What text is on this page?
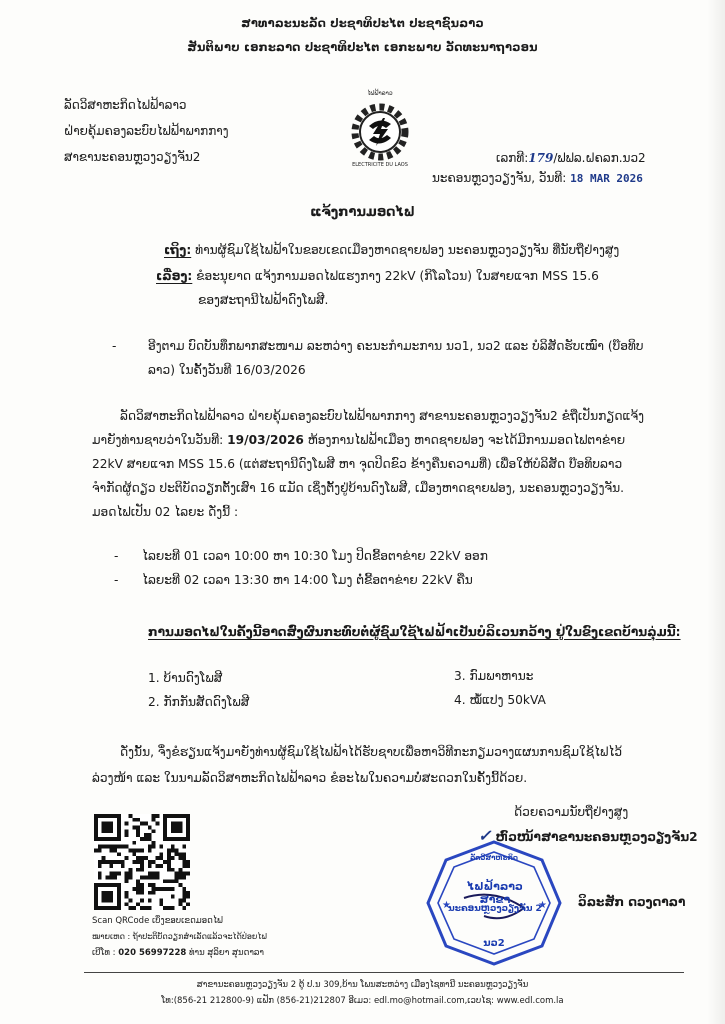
ສາທາລະນະລັດ ປະຊາທິປະໄຕ ປະຊາຊົນລາວ
ສັນຕິພາບ ເອກະລາດ ປະຊາທິປະໄຕ ເອກະພາບ ວັດທະນາຖາວອນ
ລັດວິສາຫະກິດໄຟຟ້າລາວ
ຝ່າຍຄຸ້ມຄອງລະບົບໄຟຟ້າພາກກາງ
ສາຂານະຄອນຫຼວງວຽງຈັນ2
ໄຟຟ້າລາວ
ELECTRICITE DU LAOS	ເລກທີ:179/ຟຟລ.ຝຄລກ.ນວ2
ນະຄອນຫຼວງວຽງຈັນ, ວັນທີ: 18 MAR 2026
ແຈ້ງການມອດໄຟ
ເຖິງ: ທ່ານຜູ້ຊົມໃຊ້ໄຟຟ້າໃນຂອບເຂດເມືອງຫາດຊາຍຟອງ ນະຄອນຫຼວງວຽງຈັນ ທີ່ນັບຖືຢ່າງສູງ
ເລື່ອງ: ຂໍອະນຸຍາດ ແຈ້ງການມອດໄຟແຮງກາງ 22kV (ກິໂລໂວນ) ໃນສາຍແຈກ MSS 15.6
ຂອງສະຖານີໄຟຟ້າດົງໂພສີ.
-	ອີງຕາມ ບົດບັນທຶກພາກສະໜາມ ລະຫວ່າງ ຄະນະກຳມະການ ນວ1, ນວ2 ແລະ ບໍລິສັດຮັບເໝົາ (ບ໊ອທິບ
ລາວ) ໃນຄັ້ງວັນທີ 16/03/2026
ລັດວິສາຫະກິດໄຟຟ້າລາວ ຝ່າຍຄຸ້ມຄອງລະບົບໄຟຟ້າພາກກາງ ສາຂານະຄອນຫຼວງວຽງຈັນ2 ຂໍຖືເປັນກຽດແຈ້ງ
ມາຍັງທ່ານຊາບວ່າໃນວັນທີ: 19/03/2026 ຫ້ອງການໄຟຟ້າເມືອງ ຫາດຊາຍຟອງ ຈະໄດ້ມີການມອດໄຟຕາຂ່າຍ
22kV ສາຍແຈກ MSS 15.6 (ແຕ່ສະຖານີດົງໂພສີ ຫາ ຈຸດປິດຂົວ ຂ້າງຄືນຄວາມທີ່) ເພື່ອໃຫ້ບໍລິສັດ ບ໊ອທິບລາວ
ຈຳກັດຜູ້ດຽວ ປະຕິບັດວຽກຕັ້ງເສົາ 16 ແມັດ ເຊິ່ງຕັ້ງຢູ່ບ້ານດົງໂພສີ, ເມືອງຫາດຊາຍຟອງ, ນະຄອນຫຼວງວຽງຈັນ.
ມອດໄຟເປັນ 02 ໄລຍະ ດັ່ງນີ້ :
- ໄລຍະທີ 01 ເວລາ 10:00 ຫາ 10:30 ໂມງ ປິດຂີ້ອຕາຂ່າຍ 22kV ອອກ
- ໄລຍະທີ 02 ເວລາ 13:30 ຫາ 14:00 ໂມງ ຕໍ່ຂີ້ອຕາຂ່າຍ 22kV ຄືນ
ການມອດໄຟໃນຄັ້ງນີ້ອາດສົ່ງຜົນກະທົບຕໍ່ຜູ້ຊົມໃຊ້ໄຟຟ້າເປັນບໍລິເວນກວ້າງ ຢູ່ໃນຂົງເຂດບ້ານລຸ່ມນີ້:
1. ບ້ານດົງໂພສີ
2. ກັກກັນສັດດົງໂພສີ
3. ກົມພາຫານະ
4. ໝໍ້ແປງ 50kVA
ດັ່ງນັ້ນ, ຈຶ່ງຂໍຮຽນແຈ້ງມາຍັງທ່ານຜູ້ຊົມໃຊ້ໄຟຟ້າໄດ້ຮັບຊາບເພື່ອຫາວິທີກະກຽມວາງແຜນການຊົມໃຊ້ໄຟໄວ້
ລ່ວງໜ້າ ແລະ ໃນນາມລັດວິສາຫະກິດໄຟຟ້າລາວ ຂໍອະໄພໃນຄວາມບໍ່ສະດວກໃນຄັ້ງນີ້ດ້ວຍ.
ດ້ວຍຄວາມນັບຖືຢ່າງສູງ
✓ ຫົວໜ້າສາຂານະຄອນຫຼວງວຽງຈັນ2
★	★
ລັດວິສາຫະກິດ
ໄຟຟ້າລາວ ສາຂາ
ນະຄອນຫຼວງວຽງຈັນ 2
ນວ2
ວິລະສັກ ດວງດາລາ
Scan QRCode ເບິ່ງຂອບເຂດມອດໄຟ
ໝາຍເຫດ : ຖ້າປະຕິບັດວຽກສຳເລັດແລ້ວຈະໄດ້ປ່ອຍໄຟ
ເບີໂທ : 020 56997228 ທ່ານ ສຸລິຍາ ສຸນດາລາ
ສາຂານະຄອນຫຼວງວຽງຈັນ 2 ຕູ້ ປ.ນ 309,ບ້ານ ໂພນສະຫວ່າງ ເມືອງໄຊທານີ ນະຄອນຫຼວງວຽງຈັນ
ໂທ:(856-21 212800-9) ແຟັກ (856-21)212807 ອີເມວ: edl.mo@hotmail.com,ເວບໄຊ: www.edl.com.la
